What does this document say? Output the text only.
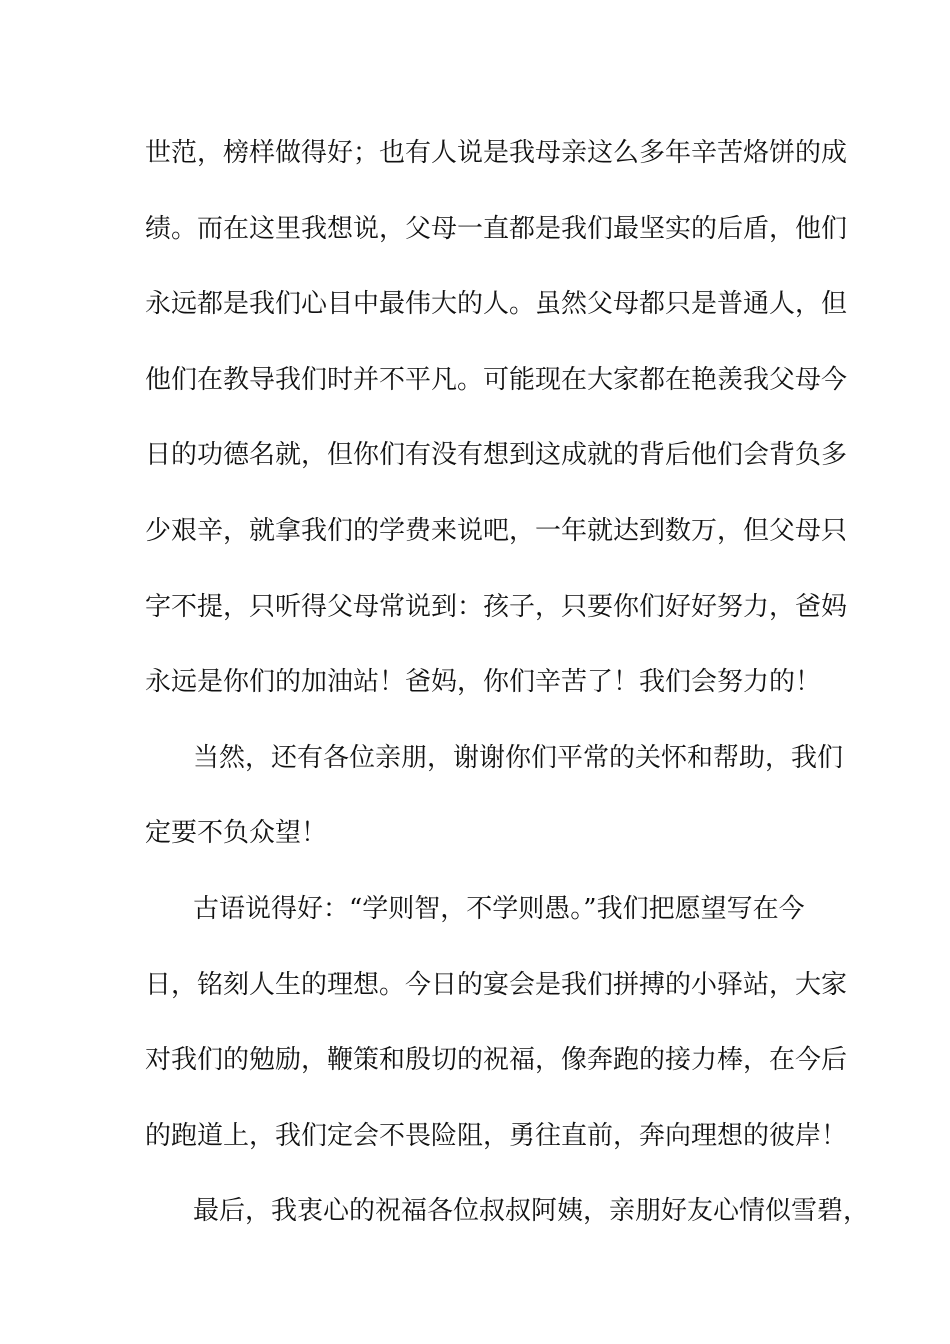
世范，榜样做得好；也有人说是我母亲这么多年辛苦烙饼的成
绩。而在这里我想说，父母一直都是我们最坚实的后盾，他们
永远都是我们心目中最伟大的人。虽然父母都只是普通人，但
他们在教导我们时并不平凡。可能现在大家都在艳羡我父母今
日的功德名就，但你们有没有想到这成就的背后他们会背负多
少艰辛，就拿我们的学费来说吧，一年就达到数万，但父母只
字不提，只听得父母常说到：孩子，只要你们好好努力，爸妈
永远是你们的加油站！爸妈，你们辛苦了！我们会努力的！
当然，还有各位亲朋，谢谢你们平常的关怀和帮助，我们
定要不负众望！
古语说得好：“学则智，不学则愚。”我们把愿望写在今
日，铭刻人生的理想。今日的宴会是我们拼搏的小驿站，大家
对我们的勉励，鞭策和殷切的祝福，像奔跑的接力棒，在今后
的跑道上，我们定会不畏险阻，勇往直前，奔向理想的彼岸！
最后，我衷心的祝福各位叔叔阿姨，亲朋好友心情似雪碧，
